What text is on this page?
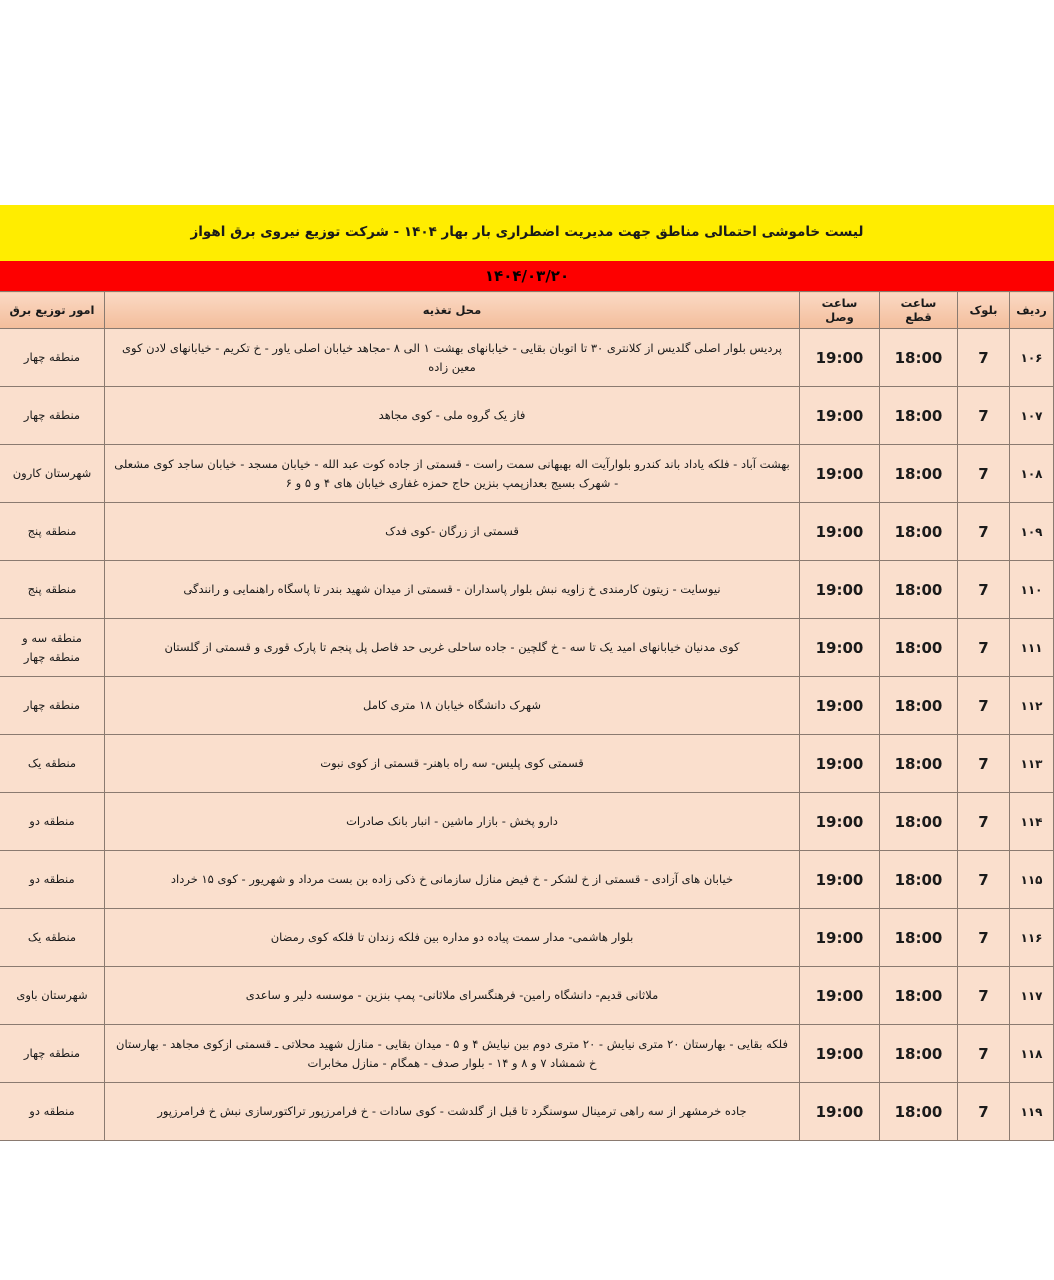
لیست خاموشی احتمالی مناطق جهت مدیریت اضطراری بار بهار ۱۴۰۴ - شرکت توزیع نیروی برق اهواز
۱۴۰۴/۰۳/۲۰
ردیف	بلوک	ساعت قطع	ساعت وصل	محل تغذیه	امور توزیع برق
۱۰۶	7	18:00	19:00	پردیس بلوار اصلی گلدیس از کلانتری ۳۰ تا اتوبان بقایی - خیابانهای بهشت ۱ الی ۸ -مجاهد خیابان اصلی یاور - خ تکریم - خیابانهای لادن کوی معین زاده	منطقه چهار
۱۰۷	7	18:00	19:00	فاز یک گروه ملی - کوی مجاهد	منطقه چهار
۱۰۸	7	18:00	19:00	بهشت آباد - فلکه یاداد باند کندرو بلوارآیت اله بهبهانی سمت راست - قسمتی از جاده کوت عبد الله - خیابان مسجد - خیابان ساجد کوی مشعلی - شهرک بسیج بعدازپمپ بنزین حاج حمزه غفاری خیابان های ۴ و ۵ و ۶	شهرستان کارون
۱۰۹	7	18:00	19:00	قسمتی از زرگان -کوی فدک	منطقه پنج
۱۱۰	7	18:00	19:00	نیوسایت - زیتون کارمندی خ زاویه نبش بلوار پاسداران - قسمتی از میدان شهید بندر تا پاسگاه راهنمایی و رانندگی	منطقه پنج
۱۱۱	7	18:00	19:00	کوی مدنیان خیابانهای امید یک تا سه - خ گلچین - جاده ساحلی غربی حد فاصل پل پنجم تا پارک قوری و قسمتی از گلستان	منطقه سه و منطقه چهار
۱۱۲	7	18:00	19:00	شهرک دانشگاه خیابان ۱۸ متری کامل	منطقه چهار
۱۱۳	7	18:00	19:00	قسمتی کوی پلیس- سه راه باهنر- قسمتی از کوی نبوت	منطقه یک
۱۱۴	7	18:00	19:00	دارو پخش - بازار ماشین - انبار بانک صادرات	منطقه دو
۱۱۵	7	18:00	19:00	خیابان های آزادی - قسمتی از خ لشکر - خ فیض منازل سازمانی خ ذکی زاده بن بست مرداد و شهریور - کوی ۱۵ خرداد	منطقه دو
۱۱۶	7	18:00	19:00	بلوار هاشمی- مدار سمت پیاده دو مداره بین فلکه زندان تا فلکه کوی رمضان	منطقه یک
۱۱۷	7	18:00	19:00	ملاثانی قدیم- دانشگاه رامین- فرهنگسرای ملاثانی- پمپ بنزین - موسسه دلیر و ساعدی	شهرستان باوی
۱۱۸	7	18:00	19:00	فلکه بقایی - بهارستان ۲۰ متری نیایش - ۲۰ متری دوم بین نیایش ۴ و ۵ - میدان بقایی - منازل شهید محلاتی ـ قسمتی ازکوی مجاهد - بهارستان خ شمشاد ۷ و ۸ و ۱۴ - بلوار صدف - همگام - منازل مخابرات	منطقه چهار
۱۱۹	7	18:00	19:00	جاده خرمشهر از سه راهی ترمینال سوسنگرد تا قبل از گلدشت - کوی سادات - خ فرامرزپور تراکتورسازی نبش خ فرامرزپور	منطقه دو
